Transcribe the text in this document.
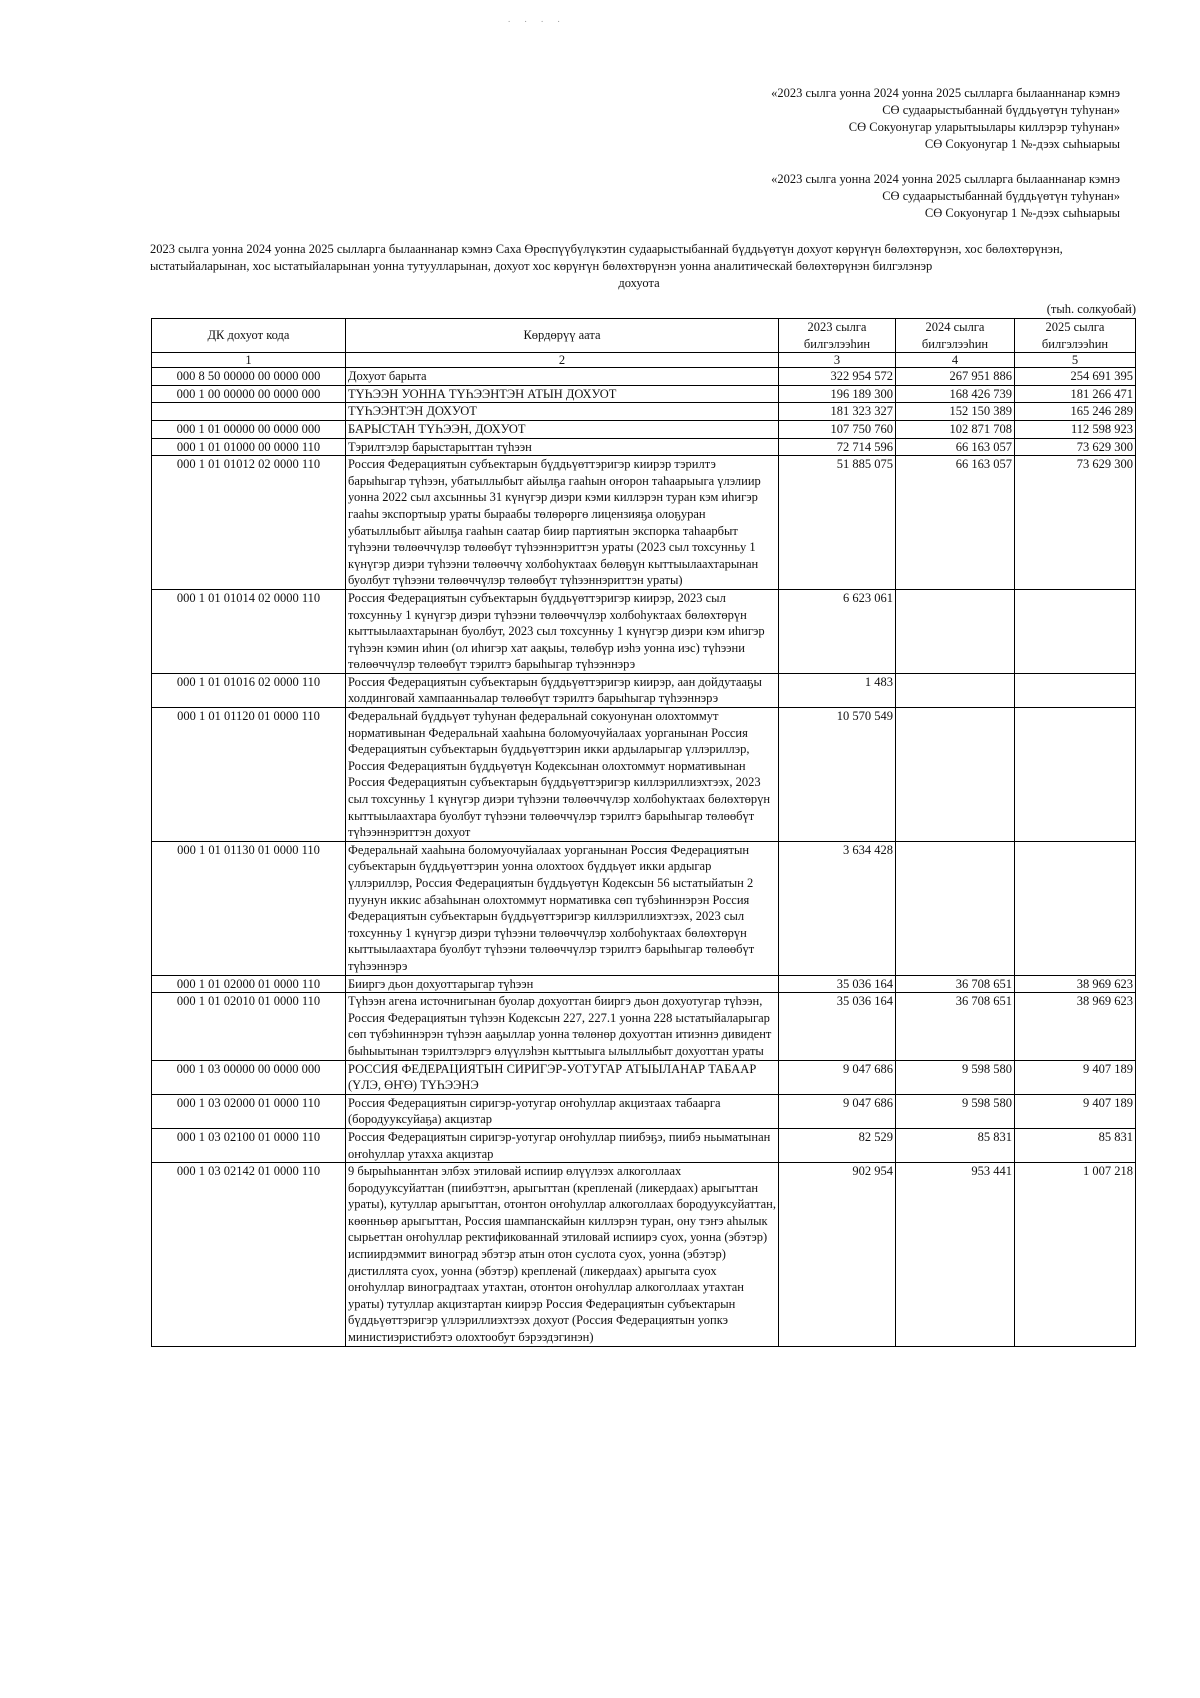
. . . .
«2023 сылга уонна 2024 уонна 2025 сылларга былааннанар кэмнэ
СӨ судаарыстыбаннай бүддьүөтүн туһунан»
СӨ Сокуонугар уларытыылары киллэрэр туһунан»
СӨ Сокуонугар 1 №-дээх сыһыарыы
«2023 сылга уонна 2024 уонна 2025 сылларга былааннанар кэмнэ
СӨ судаарыстыбаннай бүддьүөтүн туһунан»
СӨ Сокуонугар 1 №-дээх сыһыарыы
2023 сылга уонна 2024 уонна 2025 сылларга былааннанар кэмнэ Саха Өрөспүүбүлүкэтин судаарыстыбаннай бүддьүөтүн дохуот көрүҥүн бөлөхтөрүнэн, хос бөлөхтөрүнэн, ыстатыйаларынан, хос ыстатыйаларынан уонна тутуулларынан, дохуот хос көрүҥүн бөлөхтөрүнэн уонна аналитическай бөлөхтөрүнэн билгэлэнэр
дохуота
(тыһ. солкуобай)
ДК дохуот кода	Көрдөрүү аата	2023 сылга билгэлээһин	2024 сылга билгэлээһин	2025 сылга билгэлээһин
1	2	3	4	5
000 8 50 00000 00 0000 000	Дохуот барыта	322 954 572	267 951 886	254 691 395
000 1 00 00000 00 0000 000	ТҮҺЭЭН УОННА ТҮҺЭЭНТЭН АТЫН ДОХУОТ	196 189 300	168 426 739	181 266 471
	ТҮҺЭЭНТЭН ДОХУОТ	181 323 327	152 150 389	165 246 289
000 1 01 00000 00 0000 000	БАРЫСТАН ТҮҺЭЭН, ДОХУОТ	107 750 760	102 871 708	112 598 923
000 1 01 01000 00 0000 110	Тэрилтэлэр барыстарыттан түһээн	72 714 596	66 163 057	73 629 300
000 1 01 01012 02 0000 110	Россия Федерациятын субъектарын бүддьүөттэригэр киирэр тэрилтэ барыһыгар түһээн, убатыллыбыт айылҕа гааһын оҥорон таһаарыыга үлэлиир уонна 2022 сыл ахсынньы 31 күнүгэр диэри кэми киллэрэн туран кэм иһигэр гааһы экспортыыр ураты быраабы төлөрөргө лицензияҕа олоҕуран убатыллыбыт айылҕа гааһын саатар биир партиятын экспорка таһаарбыт түһээни төлөөччүлэр төлөөбүт түһээннэриттэн ураты (2023 сыл тохсунньу 1 күнүгэр диэри түһээни төлөөччү холбоһуктаах бөлөҕүн кыттыылаахтарынан буолбут түһээни төлөөччүлэр төлөөбүт түһээннэриттэн ураты)	51 885 075	66 163 057	73 629 300
000 1 01 01014 02 0000 110	Россия Федерациятын субъектарын бүддьүөттэригэр киирэр, 2023 сыл тохсунньу 1 күнүгэр диэри түһээни төлөөччүлэр холбоһуктаах бөлөхтөрүн кыттыылаахтарынан буолбут, 2023 сыл тохсунньу 1 күнүгэр диэри кэм иһигэр түһээн кэмин иһин (ол иһигэр хат аақыы, төлөбүр иэһэ уонна иэс) түһээни төлөөччүлэр төлөөбүт тэрилтэ барыһыгар түһээннэрэ	6 623 061		
000 1 01 01016 02 0000 110	Россия Федерациятын субъектарын бүддьүөттэригэр киирэр, аан дойдутааҕы холдинговай хампаанньалар төлөөбүт тэрилтэ барыһыгар түһээннэрэ	1 483		
000 1 01 01120 01 0000 110	Федеральнай бүддьүөт туһунан федеральнай сокуонунан олохтоммут нормативынан Федеральнай хааһына боломуочуйалаах уорганынан Россия Федерациятын субъектарын бүддьүөттэрин икки ардыларыгар үллэриллэр, Россия Федерациятын бүддьүөтүн Кодексынан олохтоммут нормативынан Россия Федерациятын субъектарын бүддьүөттэригэр киллэриллиэхтээх, 2023 сыл тохсунньу 1 күнүгэр диэри түһээни төлөөччүлэр холбоһуктаах бөлөхтөрүн кыттыылаахтара буолбут түһээни төлөөччүлэр тэрилтэ барыһыгар төлөөбүт түһээннэриттэн дохуот	10 570 549		
000 1 01 01130 01 0000 110	Федеральнай хааһына боломуочуйалаах уорганынан Россия Федерациятын субъектарын бүддьүөттэрин уонна олохтоох бүддьүөт икки ардыгар үллэриллэр, Россия Федерациятын бүддьүөтүн Кодексын 56 ыстатыйатын 2 пуунун иккис абзаһынан олохтоммут нормативка сөп түбэһиннэрэн Россия Федерациятын субъектарын бүддьүөттэригэр киллэриллиэхтээх, 2023 сыл тохсунньу 1 күнүгэр диэри түһээни төлөөччүлэр холбоһуктаах бөлөхтөрүн кыттыылаахтара буолбут түһээни төлөөччүлэр тэрилтэ барыһыгар төлөөбүт түһээннэрэ	3 634 428		
000 1 01 02000 01 0000 110	Бииргэ дьон дохуоттарыгар түһээн	35 036 164	36 708 651	38 969 623
000 1 01 02010 01 0000 110	Түһээн агена источнигынан буолар дохуоттан бииргэ дьон дохуотугар түһээн, Россия Федерациятын түһээн Кодексын 227, 227.1 уонна 228 ыстатыйаларыгар сөп түбэһиннэрэн түһээн ааҕыллар уонна төлөнөр дохуоттан итиэннэ дивидент быһыытынан тэрилтэлэргэ өлүүлэһэн кыттыыга ылыллыбыт дохуоттан ураты	35 036 164	36 708 651	38 969 623
000 1 03 00000 00 0000 000	РОССИЯ ФЕДЕРАЦИЯТЫН СИРИГЭР-УОТУГАР АТЫЫЛАНАР ТАБААР (ҮЛЭ, ӨҤӨ) ТҮҺЭЭНЭ	9 047 686	9 598 580	9 407 189
000 1 03 02000 01 0000 110	Россия Федерациятын сиригэр-уотугар оҥоһуллар акцизтаах табаарга (бородууксуйаҕа) акцизтар	9 047 686	9 598 580	9 407 189
000 1 03 02100 01 0000 110	Россия Федерациятын сиригэр-уотугар оҥоһуллар пиибэҕэ, пиибэ ньыматынан оҥоһуллар утахха акцизтар	82 529	85 831	85 831
000 1 03 02142 01 0000 110	9 бырыһыаннтан элбэх этиловай испиир өлүүлээх алкоголлаах бородууксуйаттан (пиибэттэн, арыгыттан (крепленай (ликердаах) арыгыттан ураты), кутуллар арыгыттан, отонтон оҥоһуллар алкоголлаах бородууксуйаттан, көөнньөр арыгыттан, Россия шампанскайын киллэрэн туран, ону тэҥэ аһылык сырьеттан оҥоһуллар ректификованнай этиловай испиирэ суох, уонна (эбэтэр) испиирдэммит виноград эбэтэр атын отон суслота суох, уонна (эбэтэр) дистиллята суох, уонна (эбэтэр) крепленай (ликердаах) арыгыта суох оҥоһуллар виноградтаах утахтан, отонтон оҥоһуллар алкоголлаах утахтан ураты) тутуллар акцизтартан киирэр Россия Федерациятын субъектарын бүддьүөттэригэр үллэриллиэхтээх дохуот (Россия Федерациятын уопкэ министиэристибэтэ олохтообут бэрээдэгинэн)	902 954	953 441	1 007 218
